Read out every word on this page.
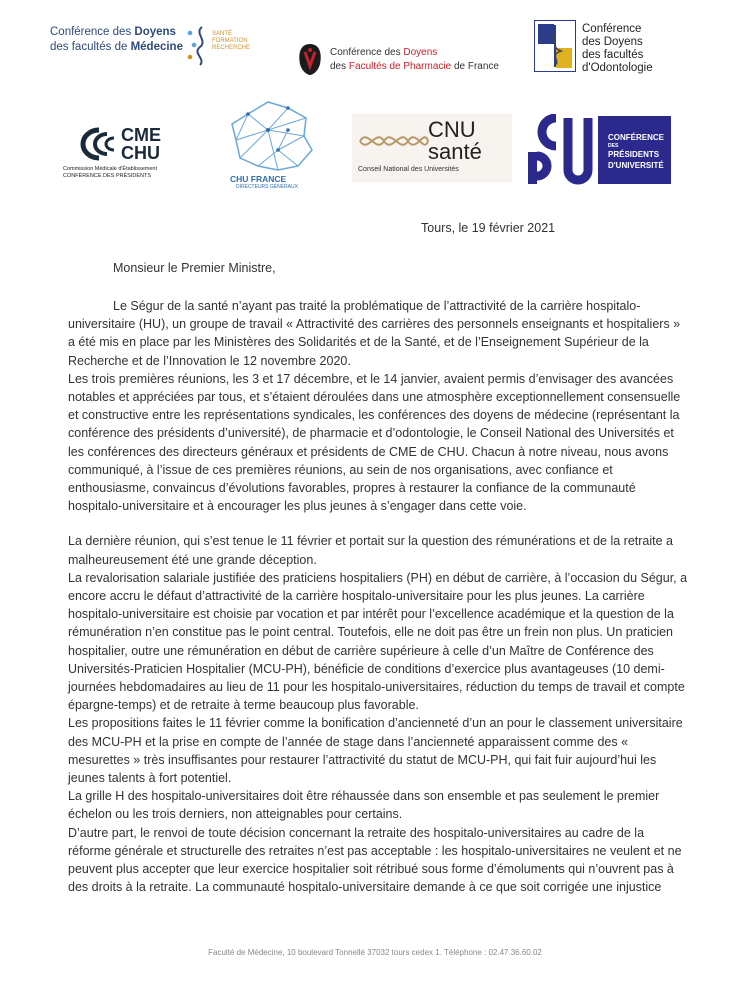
Conférence des Doyens
des facultés de Médecine
SANTÉ
FORMATION
RECHERCHE	Conférence des Doyens
des Facultés de Pharmacie de France
Conférence
des Doyens
des facultés
d'Odontologie
CME
CHU
Commission Médicale d'Établissement
CONFÉRENCE DES PRÉSIDENTS	CHU FRANCE
DIRECTEURS GÉNÉRAUX
CNU
santé
Conseil National des Universités
CONFÉRENCE
DES
PRÉSIDENTS
D'UNIVERSITÉ
Tours, le 19 février 2021
Monsieur le Premier Ministre,

Le Ségur de la santé n’ayant pas traité la problématique de l’attractivité de la carrière hospitalo-universitaire (HU), un groupe de travail « Attractivité des carrières des personnels enseignants et hospitaliers » a été mis en place par les Ministères des Solidarités et de la Santé, et de l’Enseignement Supérieur de la Recherche et de l’Innovation le 12 novembre 2020.

Les trois premières réunions, les 3 et 17 décembre, et le 14 janvier, avaient permis d’envisager des avancées notables et appréciées par tous, et s’étaient déroulées dans une atmosphère exceptionnellement consensuelle et constructive entre les représentations syndicales, les conférences des doyens de médecine (représentant la conférence des présidents d’université), de pharmacie et d’odontologie, le Conseil National des Universités et les conférences des directeurs généraux et présidents de CME de CHU. Chacun à notre niveau, nous avons communiqué, à l’issue de ces premières réunions, au sein de nos organisations, avec confiance et enthousiasme, convaincus d’évolutions favorables, propres à restaurer la confiance de la communauté hospitalo-universitaire et à encourager les plus jeunes à s’engager dans cette voie.

La dernière réunion, qui s’est tenue le 11 février et portait sur la question des rémunérations et de la retraite a malheureusement été une grande déception.

La revalorisation salariale justifiée des praticiens hospitaliers (PH) en début de carrière, à l’occasion du Ségur, a encore accru le défaut d’attractivité de la carrière hospitalo-universitaire pour les plus jeunes. La carrière hospitalo-universitaire est choisie par vocation et par intérêt pour l’excellence académique et la question de la rémunération n’en constitue pas le point central. Toutefois, elle ne doit pas être un frein non plus. Un praticien hospitalier, outre une rémunération en début de carrière supérieure à celle d’un Maître de Conférence des Universités-Praticien Hospitalier (MCU-PH), bénéficie de conditions d’exercice plus avantageuses (10 demi-journées hebdomadaires au lieu de 11 pour les hospitalo-universitaires, réduction du temps de travail et compte épargne-temps) et de retraite à terme beaucoup plus favorable.

Les propositions faites le 11 février comme la bonification d’ancienneté d’un an pour le classement universitaire des MCU-PH et la prise en compte de l’année de stage dans l’ancienneté apparaissent comme des « mesurettes » très insuffisantes pour restaurer l’attractivité du statut de MCU-PH, qui fait fuir aujourd’hui les jeunes talents à fort potentiel.

La grille H des hospitalo-universitaires doit être réhaussée dans son ensemble et pas seulement le premier échelon ou les trois derniers, non atteignables pour certains.

D’autre part, le renvoi de toute décision concernant la retraite des hospitalo-universitaires au cadre de la réforme générale et structurelle des retraites n’est pas acceptable : les hospitalo-universitaires ne veulent et ne peuvent plus accepter que leur exercice hospitalier soit rétribué sous forme d’émoluments qui n’ouvrent pas à des droits à la retraite. La communauté hospitalo-universitaire demande à ce que soit corrigée une injustice

Faculté de Médecine, 10 boulevard Tonnellé 37032 tours cedex 1. Téléphone : 02.47.36.60.02
